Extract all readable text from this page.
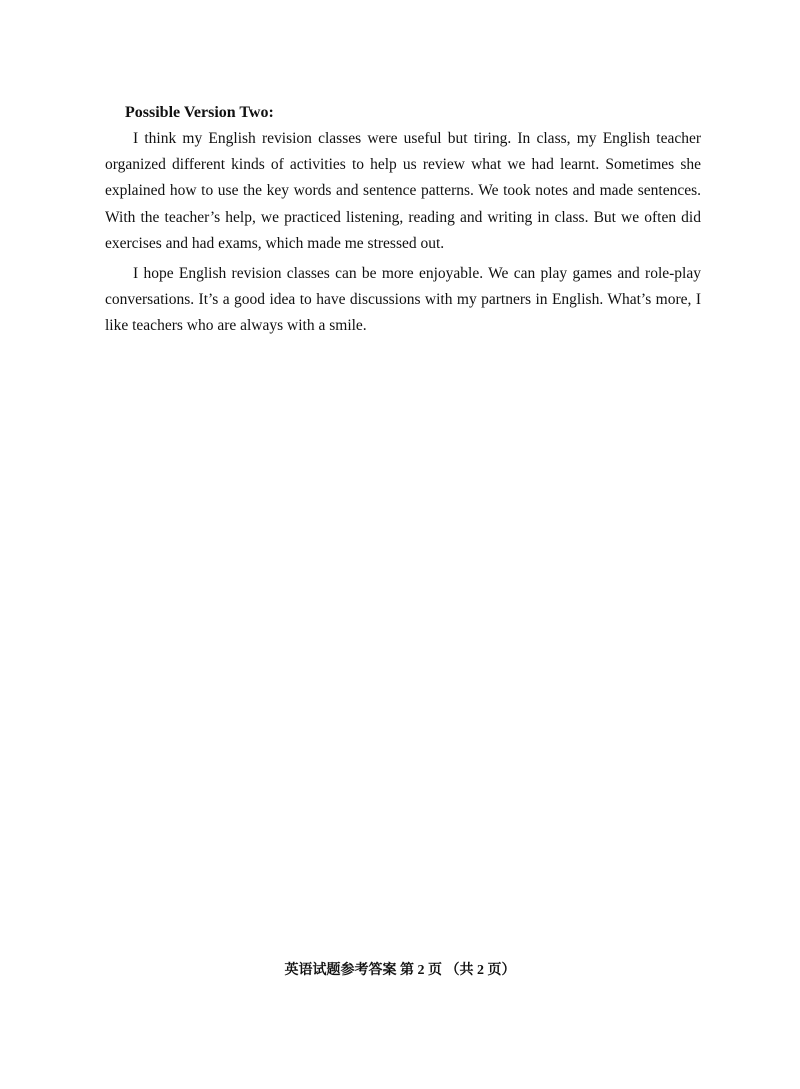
Possible Version Two:

I think my English revision classes were useful but tiring. In class, my English teacher organized different kinds of activities to help us review what we had learnt. Sometimes she explained how to use the key words and sentence patterns. We took notes and made sentences. With the teacher’s help, we practiced listening, reading and writing in class. But we often did exercises and had exams, which made me stressed out.

I hope English revision classes can be more enjoyable. We can play games and role-play conversations. It’s a good idea to have discussions with my partners in English. What’s more, I like teachers who are always with a smile.

英语试题参考答案 第 2 页 （共 2 页）
